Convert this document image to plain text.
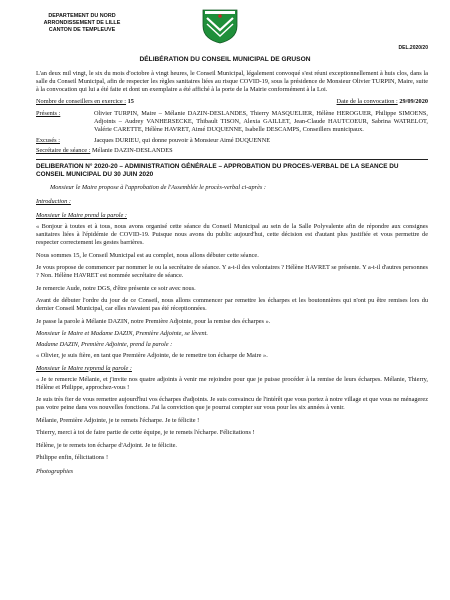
DEPARTEMENT DU NORD
ARRONDISSEMENT DE LILLE
CANTON DE TEMPLEUVE
DEL.2020/20
DÉLIBÉRATION DU CONSEIL MUNICIPAL DE GRUSON

L'an deux mil vingt, le six du mois d'octobre à vingt heures, le Conseil Municipal, légalement convoqué s'est réuni exceptionnellement à huis clos, dans la salle du Conseil Municipal, afin de respecter les règles sanitaires liées au risque COVID-19, sous la présidence de Monsieur Olivier TURPIN, Maire, suite à la convocation qui lui a été faite et dont un exemplaire a été affiché à la porte de la Mairie conformément à la Loi.

Nombre de conseillers en exercice : 15	Date de la convocation : 29/09/2020
Présents :	Olivier TURPIN, Maire – Mélanie DAZIN-DESLANDES, Thierry MASQUELIER, Hélène HEROGUER, Philippe SIMOENS, Adjoints – Audrey VANHERSECKE, Thibault TISON, Alexia GAILLET, Jean-Claude HAUTCOEUR, Sabrina WATRELOT, Valérie CARETTE, Hélène HAVRET, Aimé DUQUENNE, Isabelle DESCAMPS, Conseillers municipaux.
Excusés :	Jacques DURIEU, qui donne pouvoir à Monsieur Aimé DUQUENNE
Secrétaire de séance : Mélanie DAZIN-DESLANDES
DELIBERATION N° 2020-20 – ADMINISTRATION GÉNÉRALE – APPROBATION DU PROCES-VERBAL DE LA SEANCE DU CONSEIL MUNICIPAL DU 30 JUIN 2020
Monsieur le Maire propose à l'approbation de l'Assemblée le procès-verbal ci-après :
Introduction :
Monsieur le Maire prend la parole :

« Bonjour à toutes et à tous, nous avons organisé cette séance du Conseil Municipal au sein de la Salle Polyvalente afin de répondre aux consignes sanitaires liées à l'épidémie de COVID-19. Puisque nous avons du public aujourd'hui, cette décision est d'autant plus justifiée et vous permettre de respecter correctement les gestes barrières.

Nous sommes 15, le Conseil Municipal est au complet, nous allons débuter cette séance.

Je vous propose de commencer par nommer le ou la secrétaire de séance. Y a-t-il des volontaires ? Hélène HAVRET se présente. Y a-t-il d'autres personnes ? Non. Hélène HAVRET est nommée secrétaire de séance.

Je remercie Aude, notre DGS, d'être présente ce soir avec nous.

Avant de débuter l'ordre du jour de ce Conseil, nous allons commencer par remettre les écharpes et les boutonnières qui n'ont pu être remises lors du dernier Conseil Municipal, car elles n'avaient pas été réceptionnées.

Je passe la parole à Mélanie DAZIN, notre Première Adjointe, pour la remise des écharpes ».

Monsieur le Maire et Madame DAZIN, Première Adjointe, se lèvent.
Madame DAZIN, Première Adjointe, prend la parole :

« Olivier, je suis fière, en tant que Première Adjointe, de te remettre ton écharpe de Maire ».

Monsieur le Maire reprend la parole :

« Je te remercie Mélanie, et j'invite nos quatre adjoints à venir me rejoindre pour que je puisse procéder à la remise de leurs écharpes. Mélanie, Thierry, Hélène et Philippe, approchez-vous !

Je suis très fier de vous remettre aujourd'hui vos écharpes d'adjoints. Je suis convaincu de l'intérêt que vous portez à notre village et que vous ne ménagerez pas votre peine dans vos nouvelles fonctions. J'ai la conviction que je pourrai compter sur vous pour les six années à venir.

Mélanie, Première Adjointe, je te remets l'écharpe. Je te félicite !

Thierry, merci à toi de faire partie de cette équipe, je te remets l'écharpe. Félicitations !

Hélène, je te remets ton écharpe d'Adjoint. Je te félicite.

Philippe enfin, félicitations !

Photographies
